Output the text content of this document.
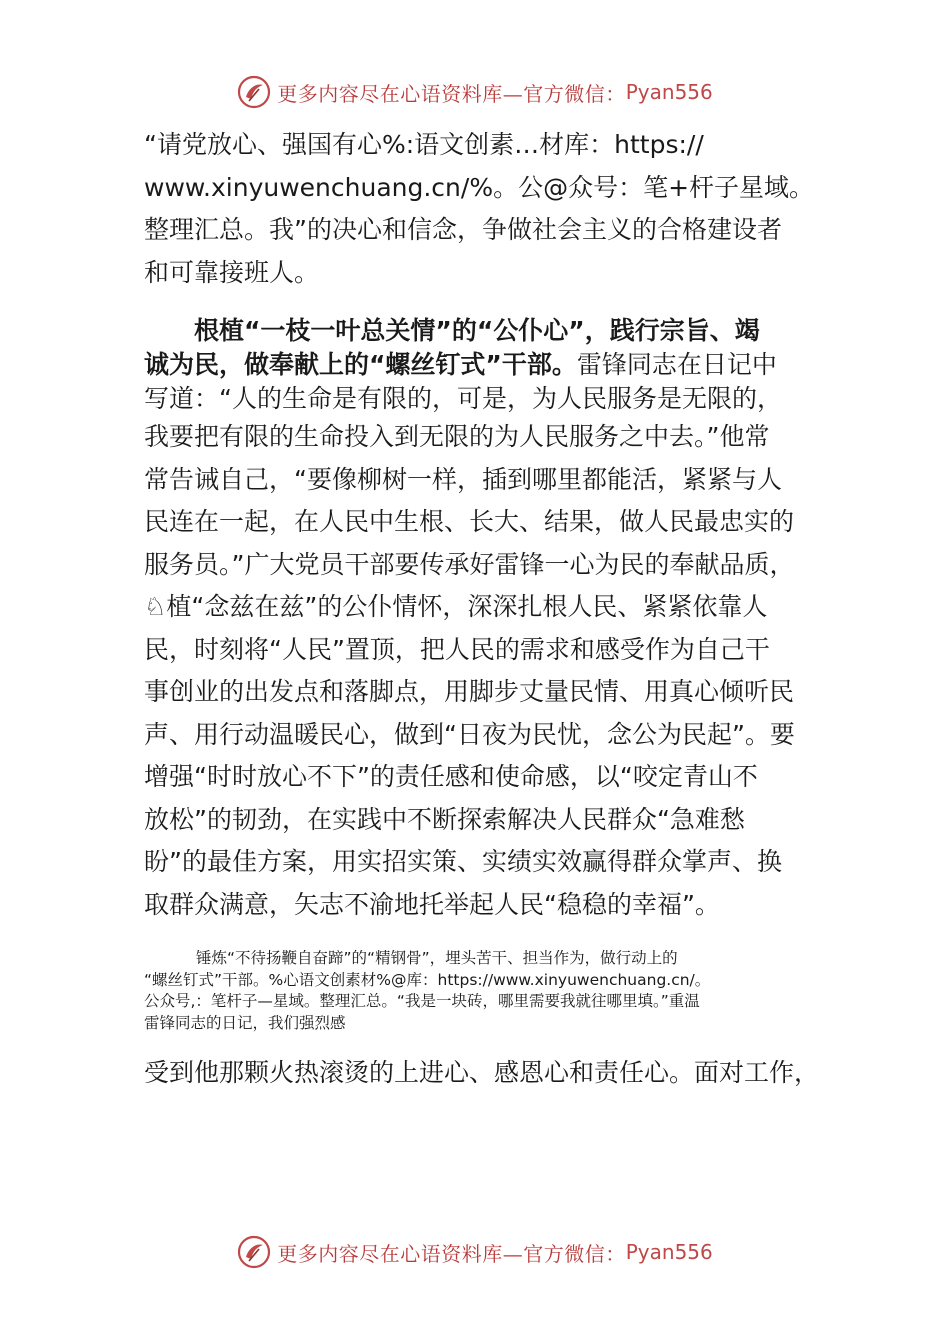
更多内容尽在心语资料库—官方微信： Pyan556

“请党放心、强国有心%:语文创素…材库：https://
www.xinyuwenchuang.cn/%。公@众号：笔+杆子星域。
整理汇总。我”的决心和信念，争做社会主义的合格建设者
和可靠接班人。

根植“一枝一叶总关情”的“公仆心”，践行宗旨、竭
诚为民，做奉献上的“螺丝钉式”干部。雷锋同志在日记中
写道：“人的生命是有限的，可是，为人民服务是无限的，
我要把有限的生命投入到无限的为人民服务之中去。”他常
常告诫自己，“要像柳树一样，插到哪里都能活，紧紧与人
民连在一起，在人民中生根、长大、结果，做人民最忠实的
服务员。”广大党员干部要传承好雷锋一心为民的奉献品质，
♘植“念兹在兹”的公仆情怀，深深扎根人民、紧紧依靠人
民，时刻将“人民”置顶，把人民的需求和感受作为自己干
事创业的出发点和落脚点，用脚步丈量民情、用真心倾听民
声、用行动温暖民心，做到“日夜为民忧，念公为民起”。要
增强“时时放心不下”的责任感和使命感，以“咬定青山不
放松”的韧劲，在实践中不断探索解决人民群众“急难愁
盼”的最佳方案，用实招实策、实绩实效赢得群众掌声、换
取群众满意，矢志不渝地托举起人民“稳稳的幸福”。

锤炼“不待扬鞭自奋蹄”的“精钢骨”，埋头苦干、担当作为，做行动上的
“螺丝钉式”干部。%心语文创素材%@库：https://www.xinyuwenchuang.cn/。
公众号,：笔杆子—星域。整理汇总。“我是一块砖，哪里需要我就往哪里填。”重温
雷锋同志的日记，我们强烈感

受到他那颗火热滚烫的上进心、感恩心和责任心。面对工作，

更多内容尽在心语资料库—官方微信： Pyan556
